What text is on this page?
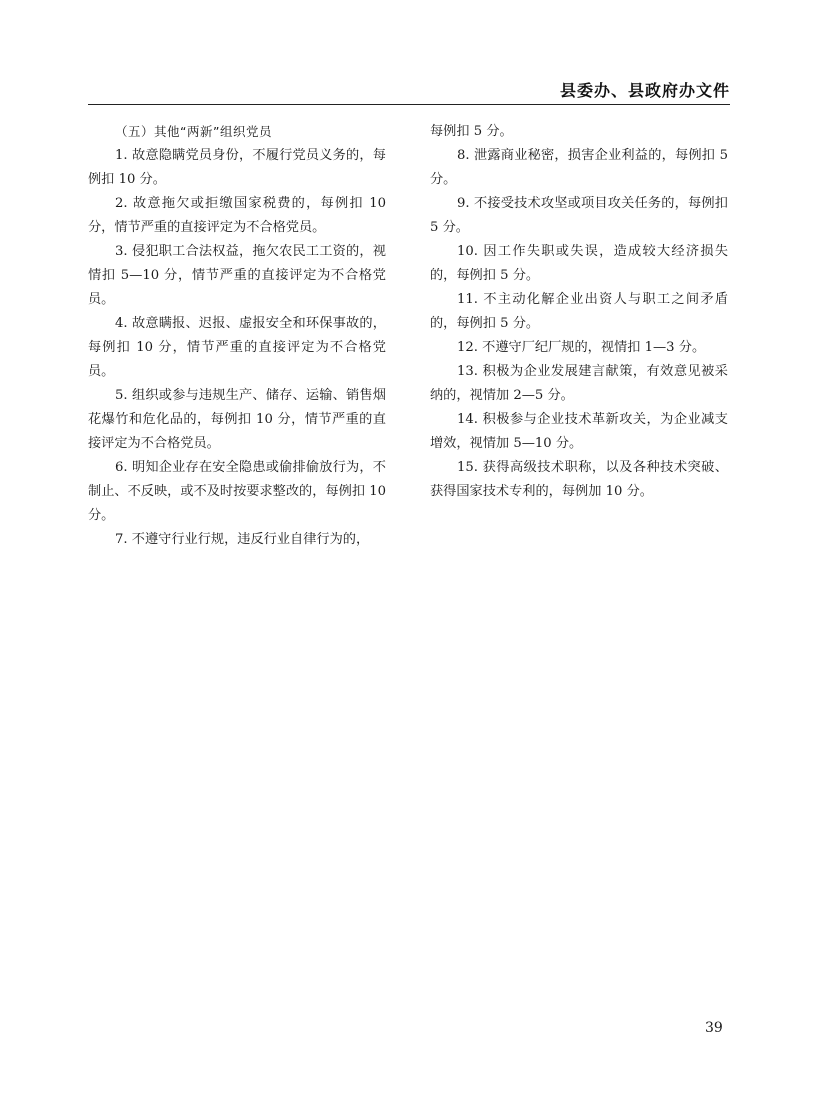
县委办、县政府办文件

（五）其他“两新”组织党员

1. 故意隐瞒党员身份，不履行党员义务的，每例扣 10 分。

2. 故意拖欠或拒缴国家税费的，每例扣 10 分，情节严重的直接评定为不合格党员。

3. 侵犯职工合法权益，拖欠农民工工资的，视情扣 5—10 分，情节严重的直接评定为不合格党员。

4. 故意瞒报、迟报、虚报安全和环保事故的，每例扣 10 分，情节严重的直接评定为不合格党员。

5. 组织或参与违规生产、储存、运输、销售烟花爆竹和危化品的，每例扣 10 分，情节严重的直接评定为不合格党员。

6. 明知企业存在安全隐患或偷排偷放行为，不制止、不反映，或不及时按要求整改的，每例扣 10 分。

7. 不遵守行业行规，违反行业自律行为的，

每例扣 5 分。

8. 泄露商业秘密，损害企业利益的，每例扣 5 分。

9. 不接受技术攻坚或项目攻关任务的，每例扣 5 分。

10. 因工作失职或失误，造成较大经济损失的，每例扣 5 分。

11. 不主动化解企业出资人与职工之间矛盾的，每例扣 5 分。

12. 不遵守厂纪厂规的，视情扣 1—3 分。

13. 积极为企业发展建言献策，有效意见被采纳的，视情加 2—5 分。

14. 积极参与企业技术革新攻关，为企业减支增效，视情加 5—10 分。

15. 获得高级技术职称，以及各种技术突破、获得国家技术专利的，每例加 10 分。

39
